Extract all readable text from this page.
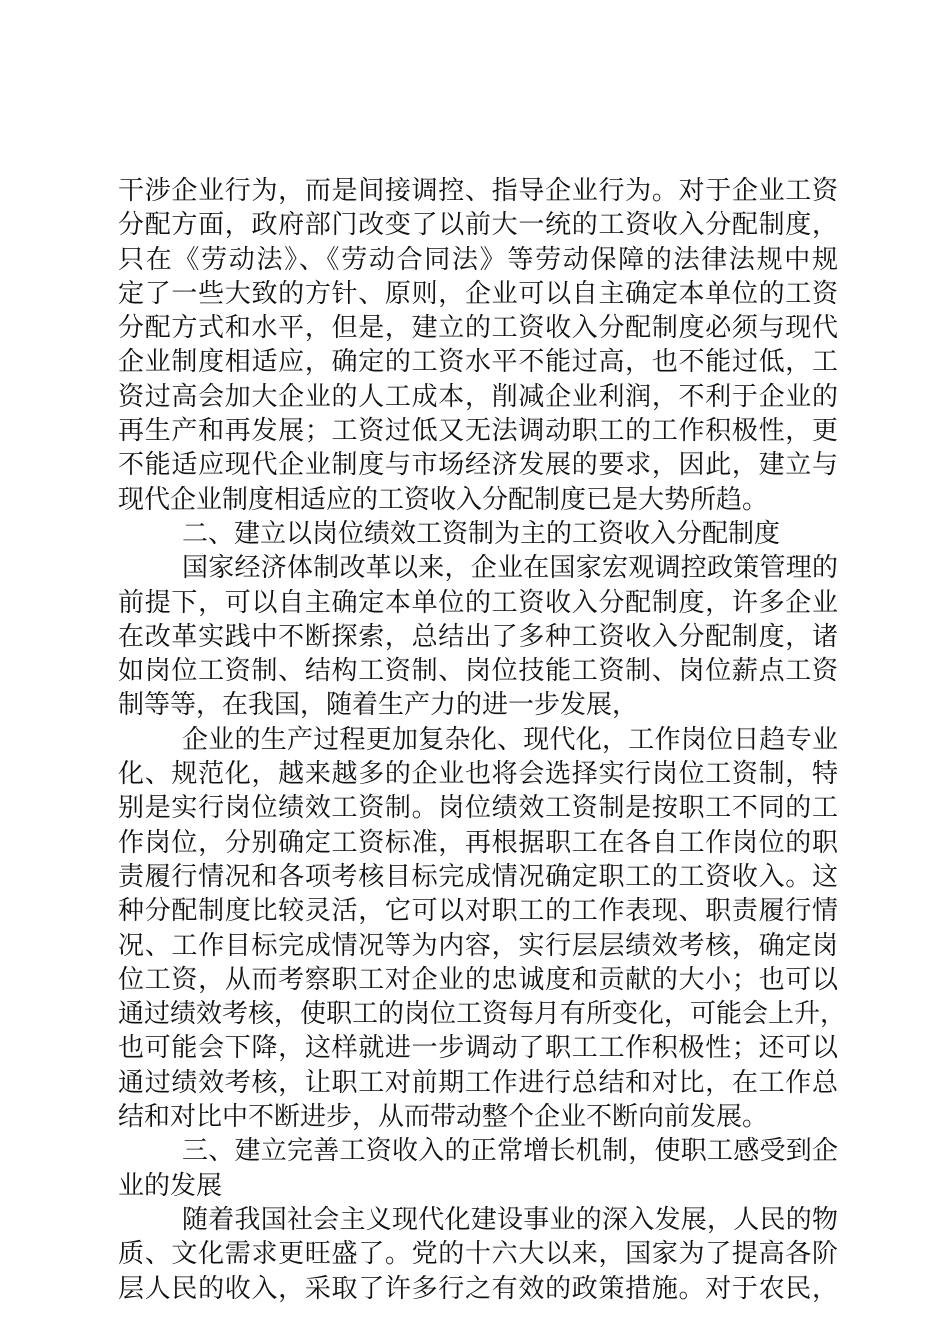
干涉企业行为，而是间接调控、指导企业行为。对于企业工资
分配方面，政府部门改变了以前大一统的工资收入分配制度，
只在《劳动法》、《劳动合同法》等劳动保障的法律法规中规
定了一些大致的方针、原则，企业可以自主确定本单位的工资
分配方式和水平，但是，建立的工资收入分配制度必须与现代
企业制度相适应，确定的工资水平不能过高，也不能过低，工
资过高会加大企业的人工成本，削减企业利润，不利于企业的
再生产和再发展；工资过低又无法调动职工的工作积极性，更
不能适应现代企业制度与市场经济发展的要求，因此，建立与
现代企业制度相适应的工资收入分配制度已是大势所趋。
二、建立以岗位绩效工资制为主的工资收入分配制度
国家经济体制改革以来，企业在国家宏观调控政策管理的
前提下，可以自主确定本单位的工资收入分配制度，许多企业
在改革实践中不断探索，总结出了多种工资收入分配制度，诸
如岗位工资制、结构工资制、岗位技能工资制、岗位薪点工资
制等等，在我国，随着生产力的进一步发展，
企业的生产过程更加复杂化、现代化，工作岗位日趋专业
化、规范化，越来越多的企业也将会选择实行岗位工资制，特
别是实行岗位绩效工资制。岗位绩效工资制是按职工不同的工
作岗位，分别确定工资标准，再根据职工在各自工作岗位的职
责履行情况和各项考核目标完成情况确定职工的工资收入。这
种分配制度比较灵活，它可以对职工的工作表现、职责履行情
况、工作目标完成情况等为内容，实行层层绩效考核，确定岗
位工资，从而考察职工对企业的忠诚度和贡献的大小；也可以
通过绩效考核，使职工的岗位工资每月有所变化，可能会上升，
也可能会下降，这样就进一步调动了职工工作积极性；还可以
通过绩效考核，让职工对前期工作进行总结和对比，在工作总
结和对比中不断进步，从而带动整个企业不断向前发展。
三、建立完善工资收入的正常增长机制，使职工感受到企
业的发展
随着我国社会主义现代化建设事业的深入发展，人民的物
质、文化需求更旺盛了。党的十六大以来，国家为了提高各阶
层人民的收入，采取了许多行之有效的政策措施。对于农民，
